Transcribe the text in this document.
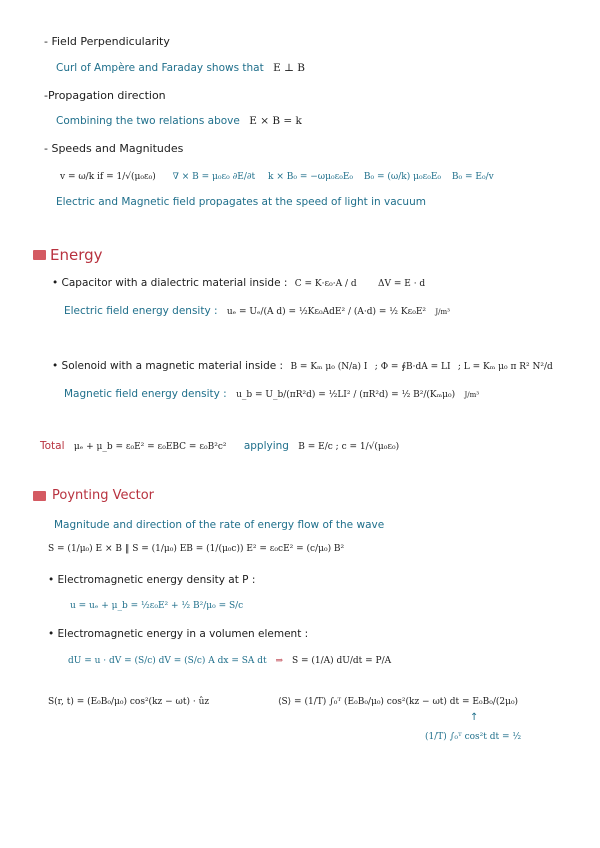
- Field Perpendicularity
Curl of Ampère and Faraday shows that E ⊥ B
-Propagation direction
Combining the two relations above E × B = k
- Speeds and Magnitudes
v = ω/k if = 1/√(μ₀ε₀) ∇ × B = μ₀ε₀ ∂E/∂t k × B₀ = −ωμ₀ε₀E₀ B₀ = (ω/k) μ₀ε₀E₀ B₀ = E₀/v
Electric and Magnetic field propagates at the speed of light in vacuum
Energy
• Capacitor with a dialectric material inside : C = K·ε₀·A / d ΔV = E · d
Electric field energy density : uₑ = Uₑ/(A d) = ½Kε₀AdE² / (A·d) = ½ Kε₀E² J/m³
• Solenoid with a magnetic material inside : B = Kₘ μ₀ (N/a) I ; Φ = ∮B·dA = LI ; L = Kₘ μ₀ π R² N²/d
Magnetic field energy density : u_b = U_b/(πR²d) = ½LI² / (πR²d) = ½ B²/(Kₘμ₀) J/m³
Total μₑ + μ_b = ε₀E² = ε₀EBC = ε₀B²c² applying B = E/c ; c = 1/√(μ₀ε₀)
Poynting Vector
Magnitude and direction of the rate of energy flow of the wave
S = (1/μ₀) E × B ‖ S = (1/μ₀) EB = (1/(μ₀c)) E² = ε₀cE² = (c/μ₀) B²
• Electromagnetic energy density at P :
u = uₑ + μ_b = ½ε₀E² + ½ B²/μ₀ = S/c
• Electromagnetic energy in a volumen element :
dU = u · dV = (S/c) dV = (S/c) A dx = SA dt ⇒ S = (1/A) dU/dt = P/A
S(r, t) = (E₀B₀/μ₀) cos²(kz − ωt) · ûz	⟨S⟩ = (1/T) ∫₀ᵀ (E₀B₀/μ₀) cos²(kz − ωt) dt = E₀B₀/(2μ₀)
↑
(1/T) ∫₀ᵀ cos²t dt = ½
